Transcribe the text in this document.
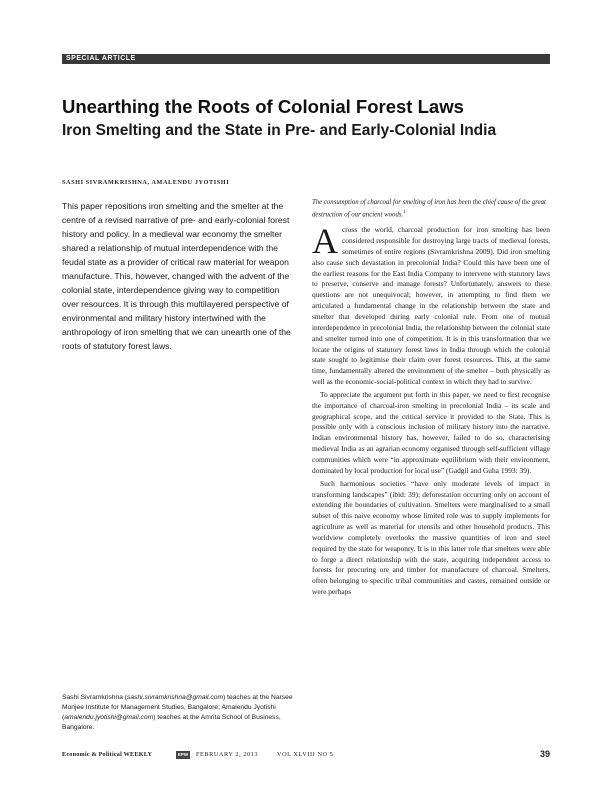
SPECIAL ARTICLE
Unearthing the Roots of Colonial Forest Laws
Iron Smelting and the State in Pre- and Early-Colonial India
SASHI SIVRAMKRISHNA, AMALENDU JYOTISHI

This paper repositions iron smelting and the smelter at the centre of a revised narrative of pre- and early-colonial forest history and policy. In a medieval war economy the smelter shared a relationship of mutual interdependence with the feudal state as a provider of critical raw material for weapon manufacture. This, however, changed with the advent of the colonial state, interdependence giving way to competition over resources. It is through this multilayered perspective of environmental and military history intertwined with the anthropology of iron smelting that we can unearth one of the roots of statutory forest laws.

Sashi Sivramkrishna (sashi.sivramkrishna@gmail.com) teaches at the Narsee Monjee Institute for Management Studies, Bangalore; Amalendu Jyotishi (amalendu.jyotishi@gmail.com) teaches at the Amrita School of Business, Bangalore.

The consumption of charcoal for smelting of iron has been the chief cause of the great destruction of our ancient woods.$^1$

Across the world, charcoal production for iron smelting has been considered responsible for destroying large tracts of medieval forests, sometimes of entire regions (Sivramkrishna 2009). Did iron smelting also cause such devastation in precolonial India? Could this have been one of the earliest reasons for the East India Company to intervene with statutory laws to preserve, conserve and manage forests? Unfortunately, answers to these questions are not unequivocal; however, in attempting to find them we articulated a fundamental change in the relationship between the state and smelter that developed during early colonial rule. From one of mutual interdependence in precolonial India, the relationship between the colonial state and smelter turned into one of competition. It is in this transformation that we locate the origins of statutory forest laws in India through which the colonial state sought to legitimise their claim over forest resources. This, at the same time, fundamentally altered the environment of the smelter – both physically as well as the economic-social-political context in which they had to survive.

To appreciate the argument put forth in this paper, we need to first recognise the importance of charcoal-iron smelting in precolonial India – its scale and geographical scope, and the critical service it provided to the State. This is possible only with a conscious inclusion of military history into the narrative. Indian environmental history has, however, failed to do so, characterising medieval India as an agrarian economy organised through self-sufficient village communities which were “in approximate equilibrium with their environment, dominated by local production for local use” (Gadgil and Guha 1993: 39).

Such harmonious societies “have only moderate levels of impact in transforming landscapes” (ibid: 39); deforestation occurring only on account of extending the boundaries of cultivation. Smelters were marginalised to a small subset of this naive economy whose limited role was to supply implements for agriculture as well as material for utensils and other household products. This worldview completely overlooks the massive quantities of iron and steel required by the state for weaponry. It is in this latter role that smelters were able to forge a direct relationship with the state, acquiring independent access to forests for procuring ore and timber for manufacture of charcoal. Smelters, often belonging to specific tribal communities and castes, remained outside or were perhaps

Economic & Political WEEKLY	EPW	FEBRUARY 2, 2013	VOL XLVIII NO 5	39
